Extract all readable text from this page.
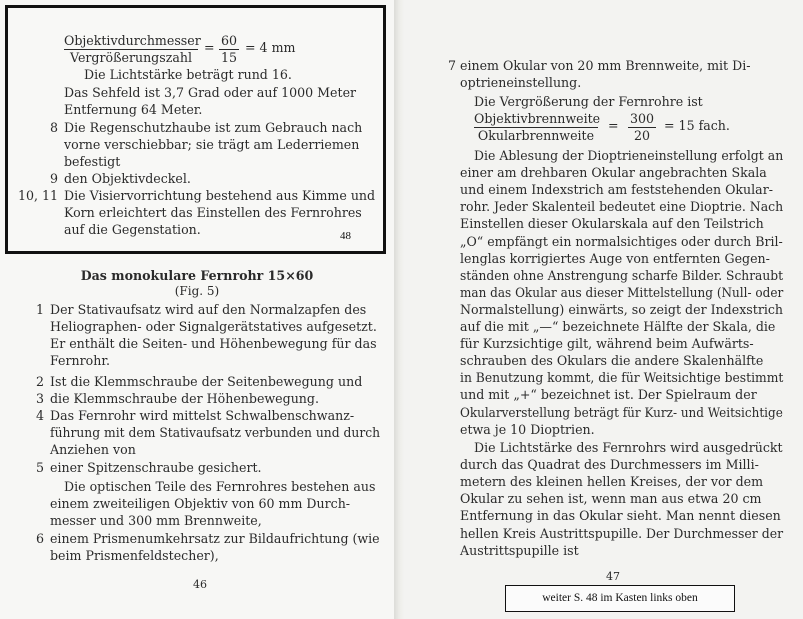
Objektivdurchmesser
Vergrößerungszahl
= $\frac{60}{15} = 4$ mm
Die Lichtstärke beträgt rund 16.
Das Sehfeld ist 3,7 Grad oder auf 1000 Meter
Entfernung 64 Meter.
8 Die Regenschutzhaube ist zum Gebrauch nach
vorne verschiebbar; sie trägt am Lederriemen
befestigt
9 den Objektivdeckel.
10, 11 Die Visiervorrichtung bestehend aus Kimme und
Korn erleichtert das Einstellen des Fernrohres
auf die Gegenstation.	48
Das monokulare Fernrohr 15×60
(Fig. 5)
1 Der Stativaufsatz wird auf den Normalzapfen des
Heliographen- oder Signalgerätstatives aufgesetzt.
Er enthält die Seiten- und Höhenbewegung für das
Fernrohr.
2 Ist die Klemmschraube der Seitenbewegung und
3 die Klemmschraube der Höhenbewegung.
4 Das Fernrohr wird mittelst Schwalbenschwanz-
führung mit dem Stativaufsatz verbunden und durch
Anziehen von
5 einer Spitzenschraube gesichert.
Die optischen Teile des Fernrohres bestehen aus
einem zweiteiligen Objektiv von 60 mm Durch-
messer und 300 mm Brennweite,
6 einem Prismenumkehrsatz zur Bildaufrichtung (wie
beim Prismenfeldstecher),
46
7 einem Okular von 20 mm Brennweite, mit Di-
optrieneinstellung.
Die Vergrößerung der Fernrohre ist
Objektivbrennweite
Okularbrennweite
= $\frac{300}{20} = 15$ fach.
Die Ablesung der Dioptrieneinstellung erfolgt an
einer am drehbaren Okular angebrachten Skala
und einem Indexstrich am feststehenden Okular-
rohr. Jeder Skalenteil bedeutet eine Dioptrie. Nach
Einstellen dieser Okularskala auf den Teilstrich
„O“ empfängt ein normalsichtiges oder durch Bril-
lenglas korrigiertes Auge von entfernten Gegen-
ständen ohne Anstrengung scharfe Bilder. Schraubt
man das Okular aus dieser Mittelstellung (Null- oder
Normalstellung) einwärts, so zeigt der Indexstrich
auf die mit „—“ bezeichnete Hälfte der Skala, die
für Kurzsichtige gilt, während beim Aufwärts-
schrauben des Okulars die andere Skalenhälfte
in Benutzung kommt, die für Weitsichtige bestimmt
und mit „+“ bezeichnet ist. Der Spielraum der
Okularverstellung beträgt für Kurz- und Weitsichtige
etwa je 10 Dioptrien.
Die Lichtstärke des Fernrohrs wird ausgedrückt
durch das Quadrat des Durchmessers im Milli-
metern des kleinen hellen Kreises, der vor dem
Okular zu sehen ist, wenn man aus etwa 20 cm
Entfernung in das Okular sieht. Man nennt diesen
hellen Kreis Austrittspupille. Der Durchmesser der
Austrittspupille ist
47
weiter S. 48 im Kasten links oben
